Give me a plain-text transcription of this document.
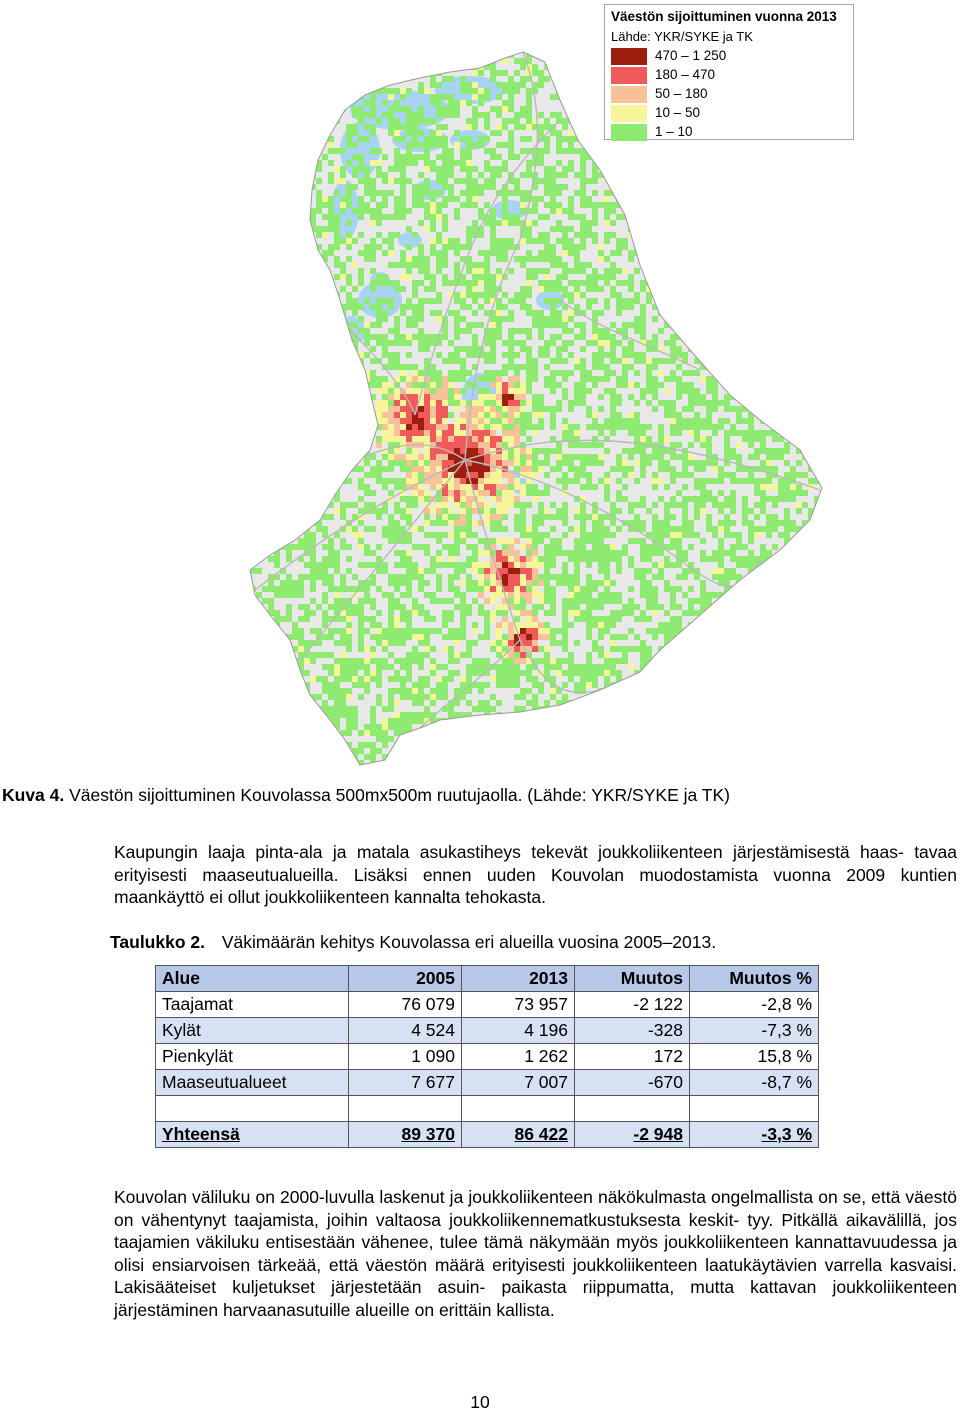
Väestön sijoittuminen vuonna 2013
Lähde: YKR/SYKE ja TK
470 – 1 250
180 – 470
50 – 180
10 – 50
1 – 10
Kuva 4. Väestön sijoittuminen Kouvolassa 500mx500m ruutujaolla. (Lähde: YKR/SYKE ja TK)
Kaupungin laaja pinta-ala ja matala asukastiheys tekevät joukkoliikenteen järjestämisestä haas- tavaa erityisesti maaseutualueilla. Lisäksi ennen uuden Kouvolan muodostamista vuonna 2009 kuntien maankäyttö ei ollut joukkoliikenteen kannalta tehokasta.
Taulukko 2. Väkimäärän kehitys Kouvolassa eri alueilla vuosina 2005–2013.
Alue	2005	2013	Muutos	Muutos %
Taajamat	76 079	73 957	-2 122	-2,8 %
Kylät	4 524	4 196	-328	-7,3 %
Pienkylät	1 090	1 262	172	15,8 %
Maaseutualueet	7 677	7 007	-670	-8,7 %

Yhteensä	89 370	86 422	-2 948	-3,3 %
Kouvolan väliluku on 2000-luvulla laskenut ja joukkoliikenteen näkökulmasta ongelmallista on se, että väestö on vähentynyt taajamista, joihin valtaosa joukkoliikennematkustuksesta keskit- tyy. Pitkällä aikavälillä, jos taajamien väkiluku entisestään vähenee, tulee tämä näkymään myös joukkoliikenteen kannattavuudessa ja olisi ensiarvoisen tärkeää, että väestön määrä erityisesti joukkoliikenteen laatukäytävien varrella kasvaisi. Lakisääteiset kuljetukset järjestetään asuin- paikasta riippumatta, mutta kattavan joukkoliikenteen järjestäminen harvaanasutuille alueille on erittäin kallista.
10
